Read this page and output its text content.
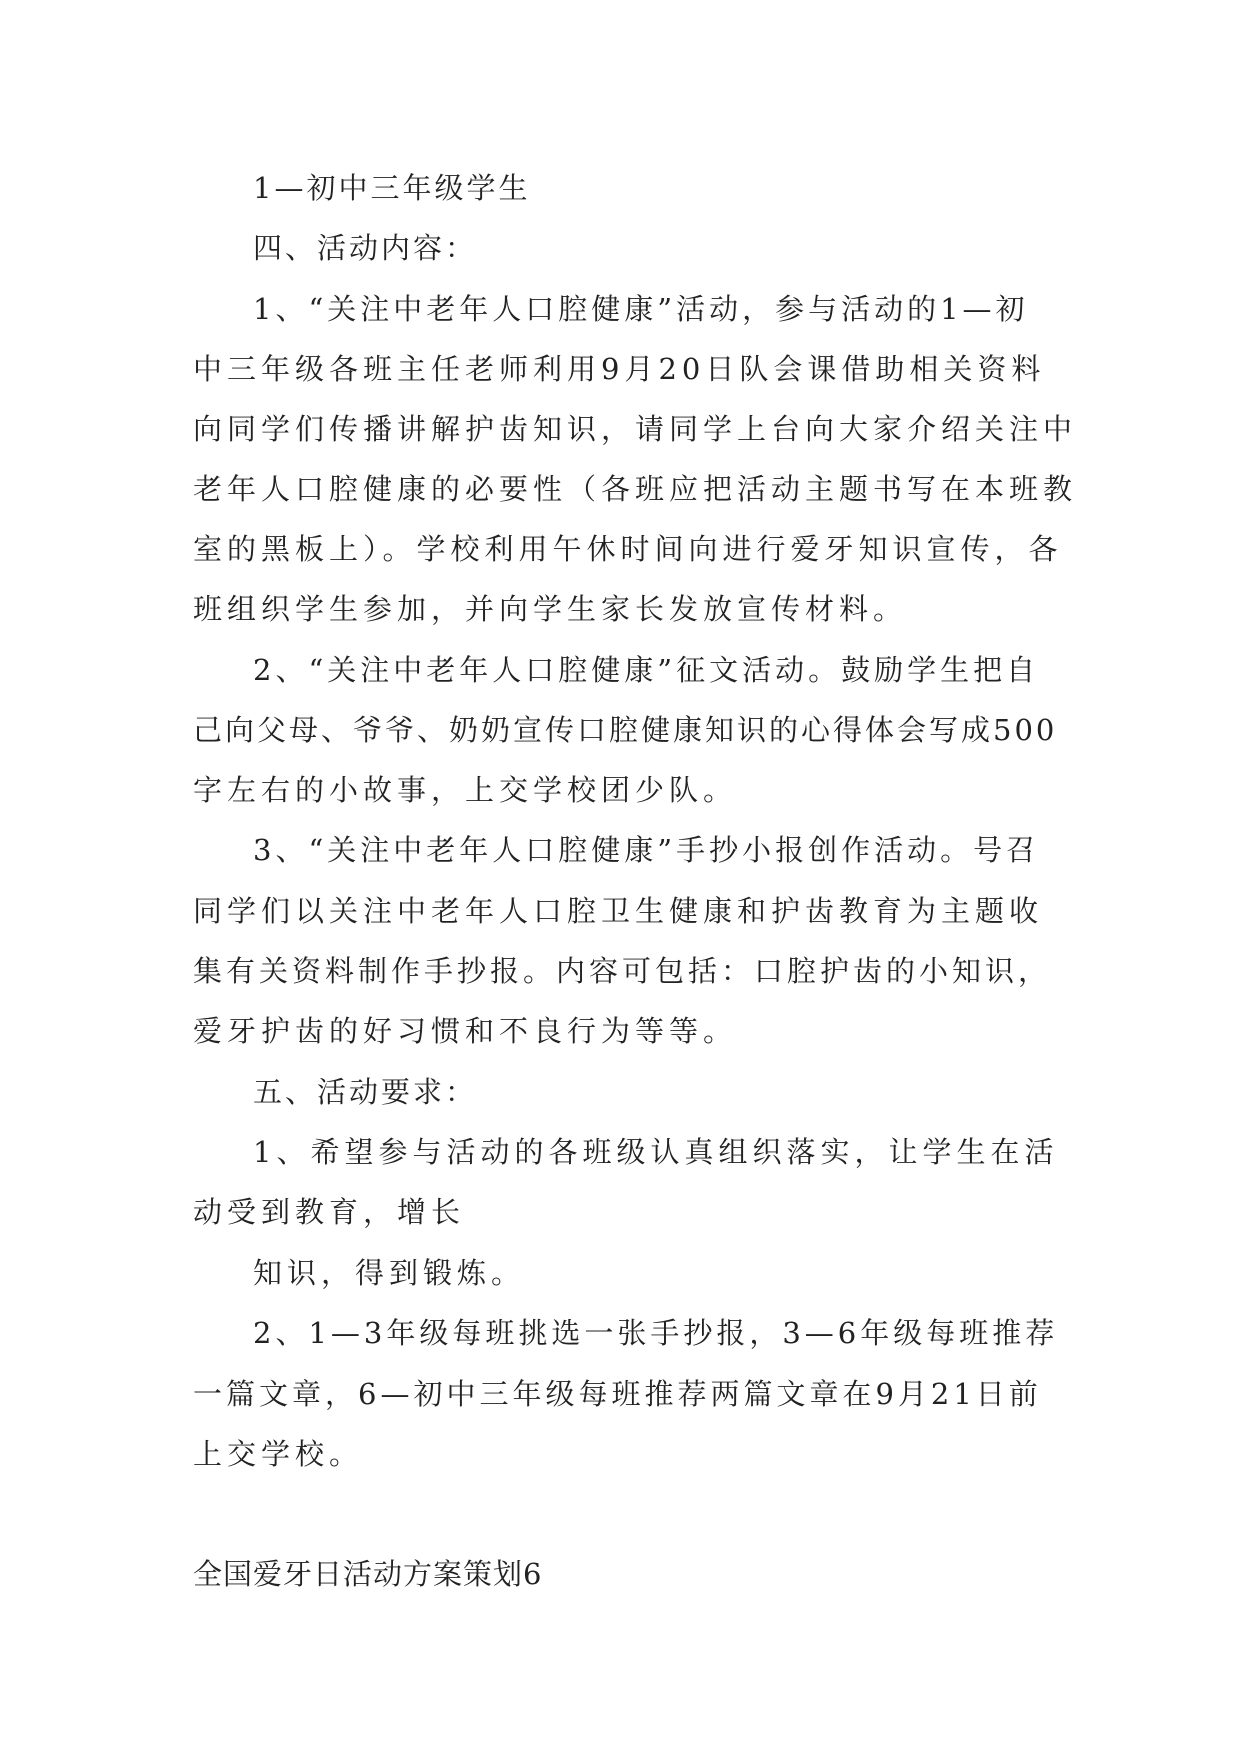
1—初中三年级学生

四、活动内容：

1、“关注中老年人口腔健康”活动，参与活动的1—初

中三年级各班主任老师利用9月20日队会课借助相关资料

向同学们传播讲解护齿知识，请同学上台向大家介绍关注中

老年人口腔健康的必要性（各班应把活动主题书写在本班教

室的黑板上）。学校利用午休时间向进行爱牙知识宣传，各

班组织学生参加，并向学生家长发放宣传材料。

2、“关注中老年人口腔健康”征文活动。鼓励学生把自

己向父母、爷爷、奶奶宣传口腔健康知识的心得体会写成500

字左右的小故事，上交学校团少队。

3、“关注中老年人口腔健康”手抄小报创作活动。号召

同学们以关注中老年人口腔卫生健康和护齿教育为主题收

集有关资料制作手抄报。内容可包括：口腔护齿的小知识，

爱牙护齿的好习惯和不良行为等等。

五、活动要求：

1、希望参与活动的各班级认真组织落实，让学生在活

动受到教育，增长

知识，得到锻炼。

2、1—3年级每班挑选一张手抄报，3—6年级每班推荐

一篇文章，6—初中三年级每班推荐两篇文章在9月21日前

上交学校。

全国爱牙日活动方案策划6
